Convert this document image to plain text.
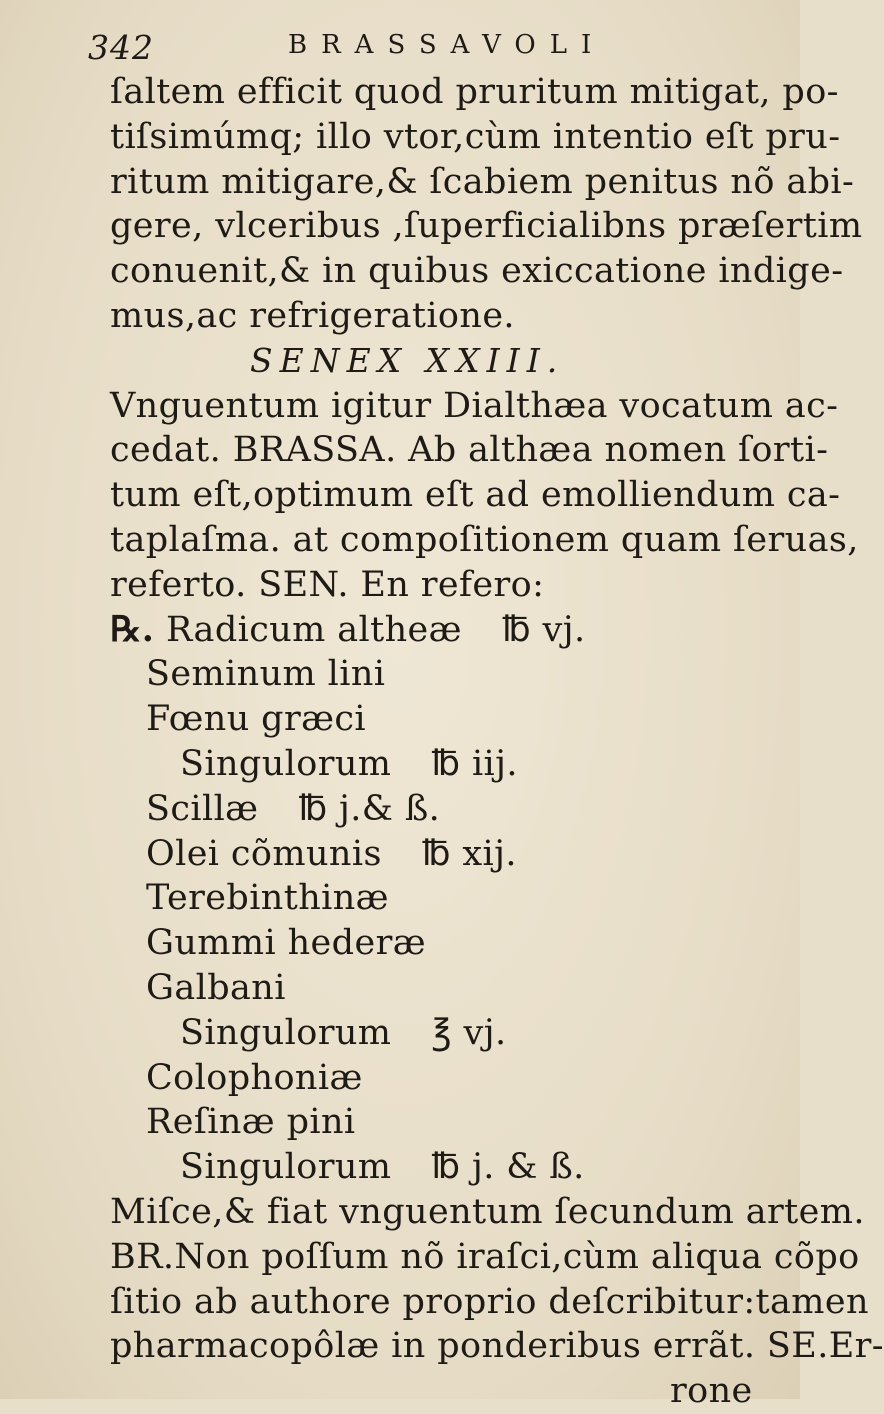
342	BRASSAVOLI
ſaltem efficit quod pruritum mitigat, po-
tiſsimúmq; illo vtor,cùm intentio eſt pru-
ritum mitigare,& ſcabiem penitus nõ abi-
gere, vlceribus ,ſuperficialibns præſertim
conuenit,& in quibus exiccatione indige-
mus,ac refrigeratione.
SENEX XXIII.
Vnguentum igitur Dialthæa vocatum ac-
cedat. BRASSA. Ab althæa nomen ſorti-
tum eſt,optimum eſt ad emolliendum ca-
taplaſma. at compoſitionem quam ſeruas,
referto. SEN. En refero:
℞. Radicum altheæ ℔ vj.
Seminum lini
Fœnu græci
Singulorum ℔ iij.
Scillæ ℔ j.& ß.
Olei cõmunis ℔ xij.
Terebinthinæ
Gummi hederæ
Galbani
Singulorum ℥ vj.
Colophoniæ
Reſinæ pini
Singulorum ℔ j. & ß.
Miſce,& fiat vnguentum ſecundum artem.
BR.Non poſſum nõ iraſci,cùm aliqua cõpo
ſitio ab authore proprio deſcribitur:tamen
pharmacopôlæ in ponderibus errãt. SE.Er-
rone
